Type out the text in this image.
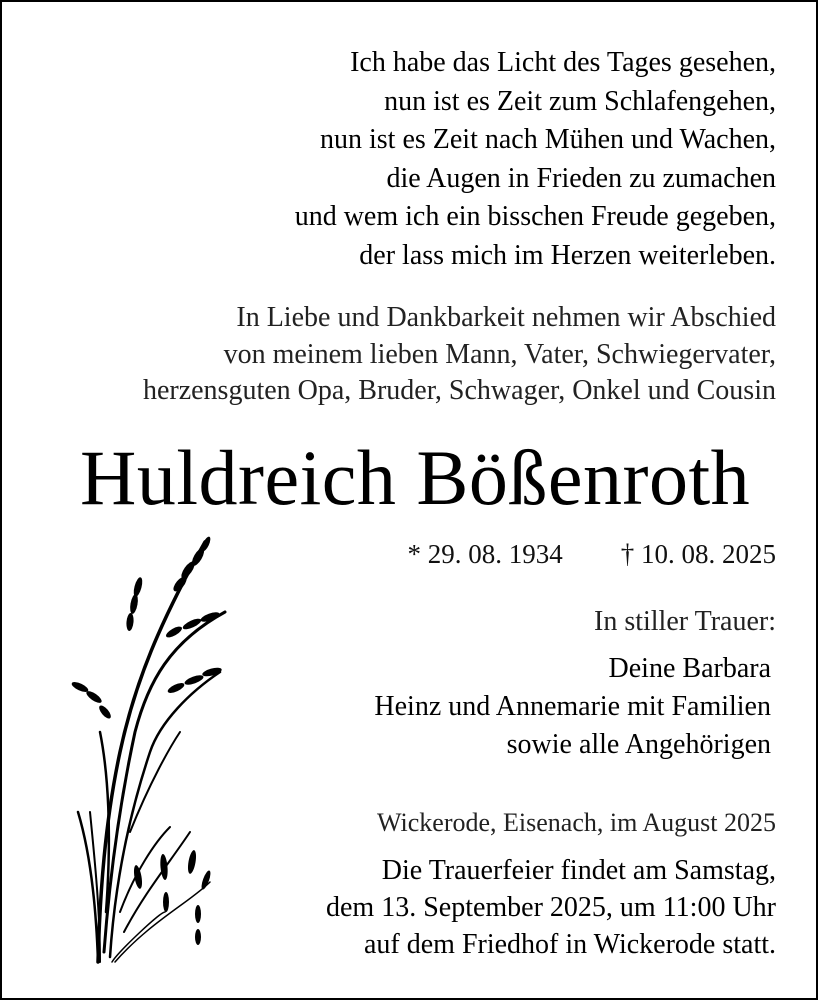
Ich habe das Licht des Tages gesehen,
nun ist es Zeit zum Schlafengehen,
nun ist es Zeit nach Mühen und Wachen,
die Augen in Frieden zu zumachen
und wem ich ein bisschen Freude gegeben,
der lass mich im Herzen weiterleben.
In Liebe und Dankbarkeit nehmen wir Abschied
von meinem lieben Mann, Vater, Schwiegervater,
herzensguten Opa, Bruder, Schwager, Onkel und Cousin
Huldreich Bößenroth
* 29. 08. 1934 † 10. 08. 2025
In stiller Trauer:
Deine Barbara
Heinz und Annemarie mit Familien
sowie alle Angehörigen
Wickerode, Eisenach, im August 2025
Die Trauerfeier findet am Samstag,
dem 13. September 2025, um 11:00 Uhr
auf dem Friedhof in Wickerode statt.
